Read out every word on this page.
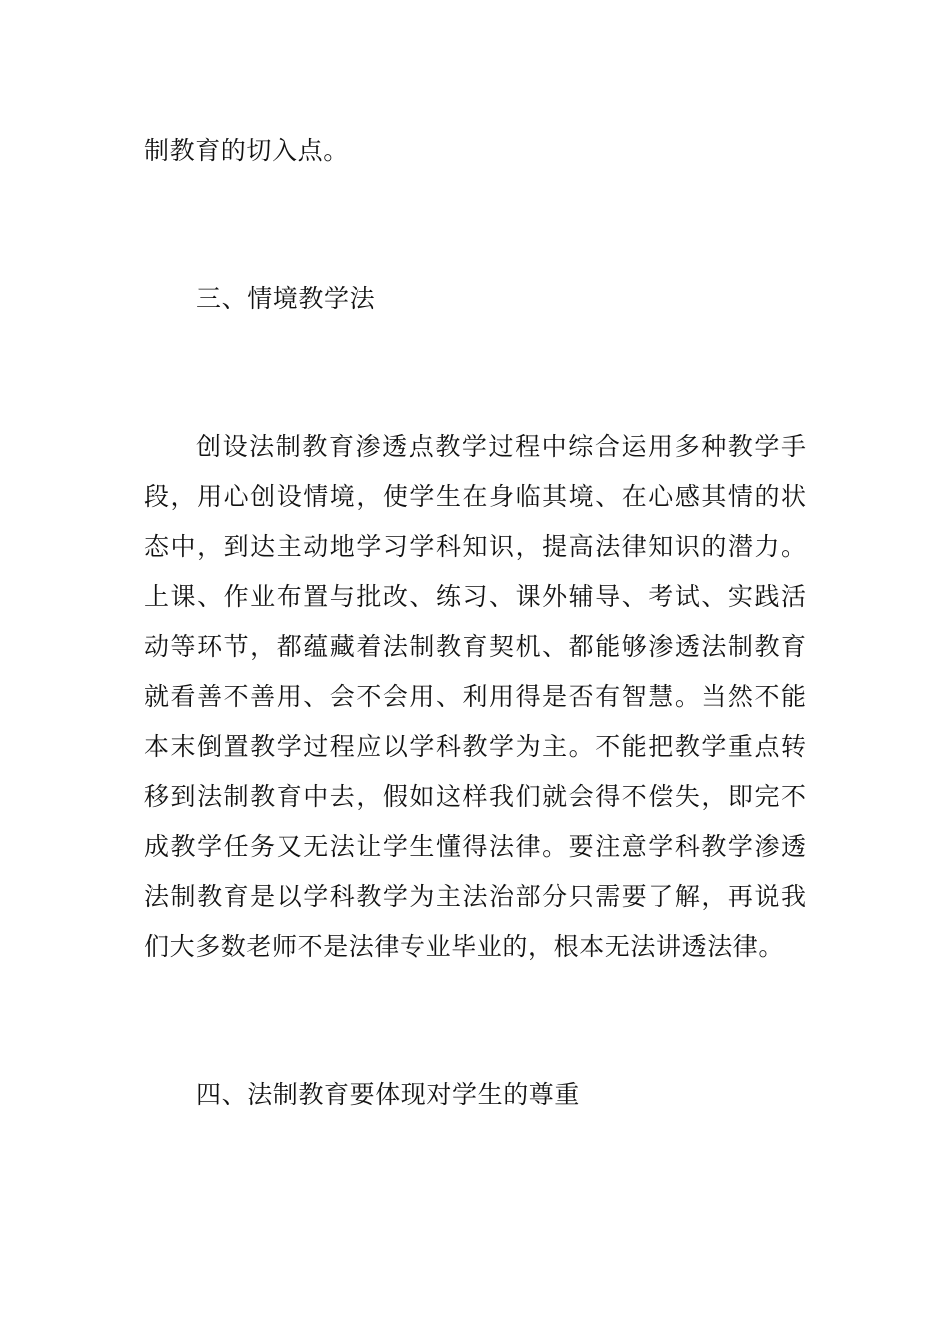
制教育的切入点。
三、情境教学法
创设法制教育渗透点教学过程中综合运用多种教学手
段，用心创设情境，使学生在身临其境、在心感其情的状
态中，到达主动地学习学科知识，提高法律知识的潜力。
上课、作业布置与批改、练习、课外辅导、考试、实践活
动等环节，都蕴藏着法制教育契机、都能够渗透法制教育
就看善不善用、会不会用、利用得是否有智慧。当然不能
本末倒置教学过程应以学科教学为主。不能把教学重点转
移到法制教育中去，假如这样我们就会得不偿失，即完不
成教学任务又无法让学生懂得法律。要注意学科教学渗透
法制教育是以学科教学为主法治部分只需要了解，再说我
们大多数老师不是法律专业毕业的，根本无法讲透法律。
四、法制教育要体现对学生的尊重
